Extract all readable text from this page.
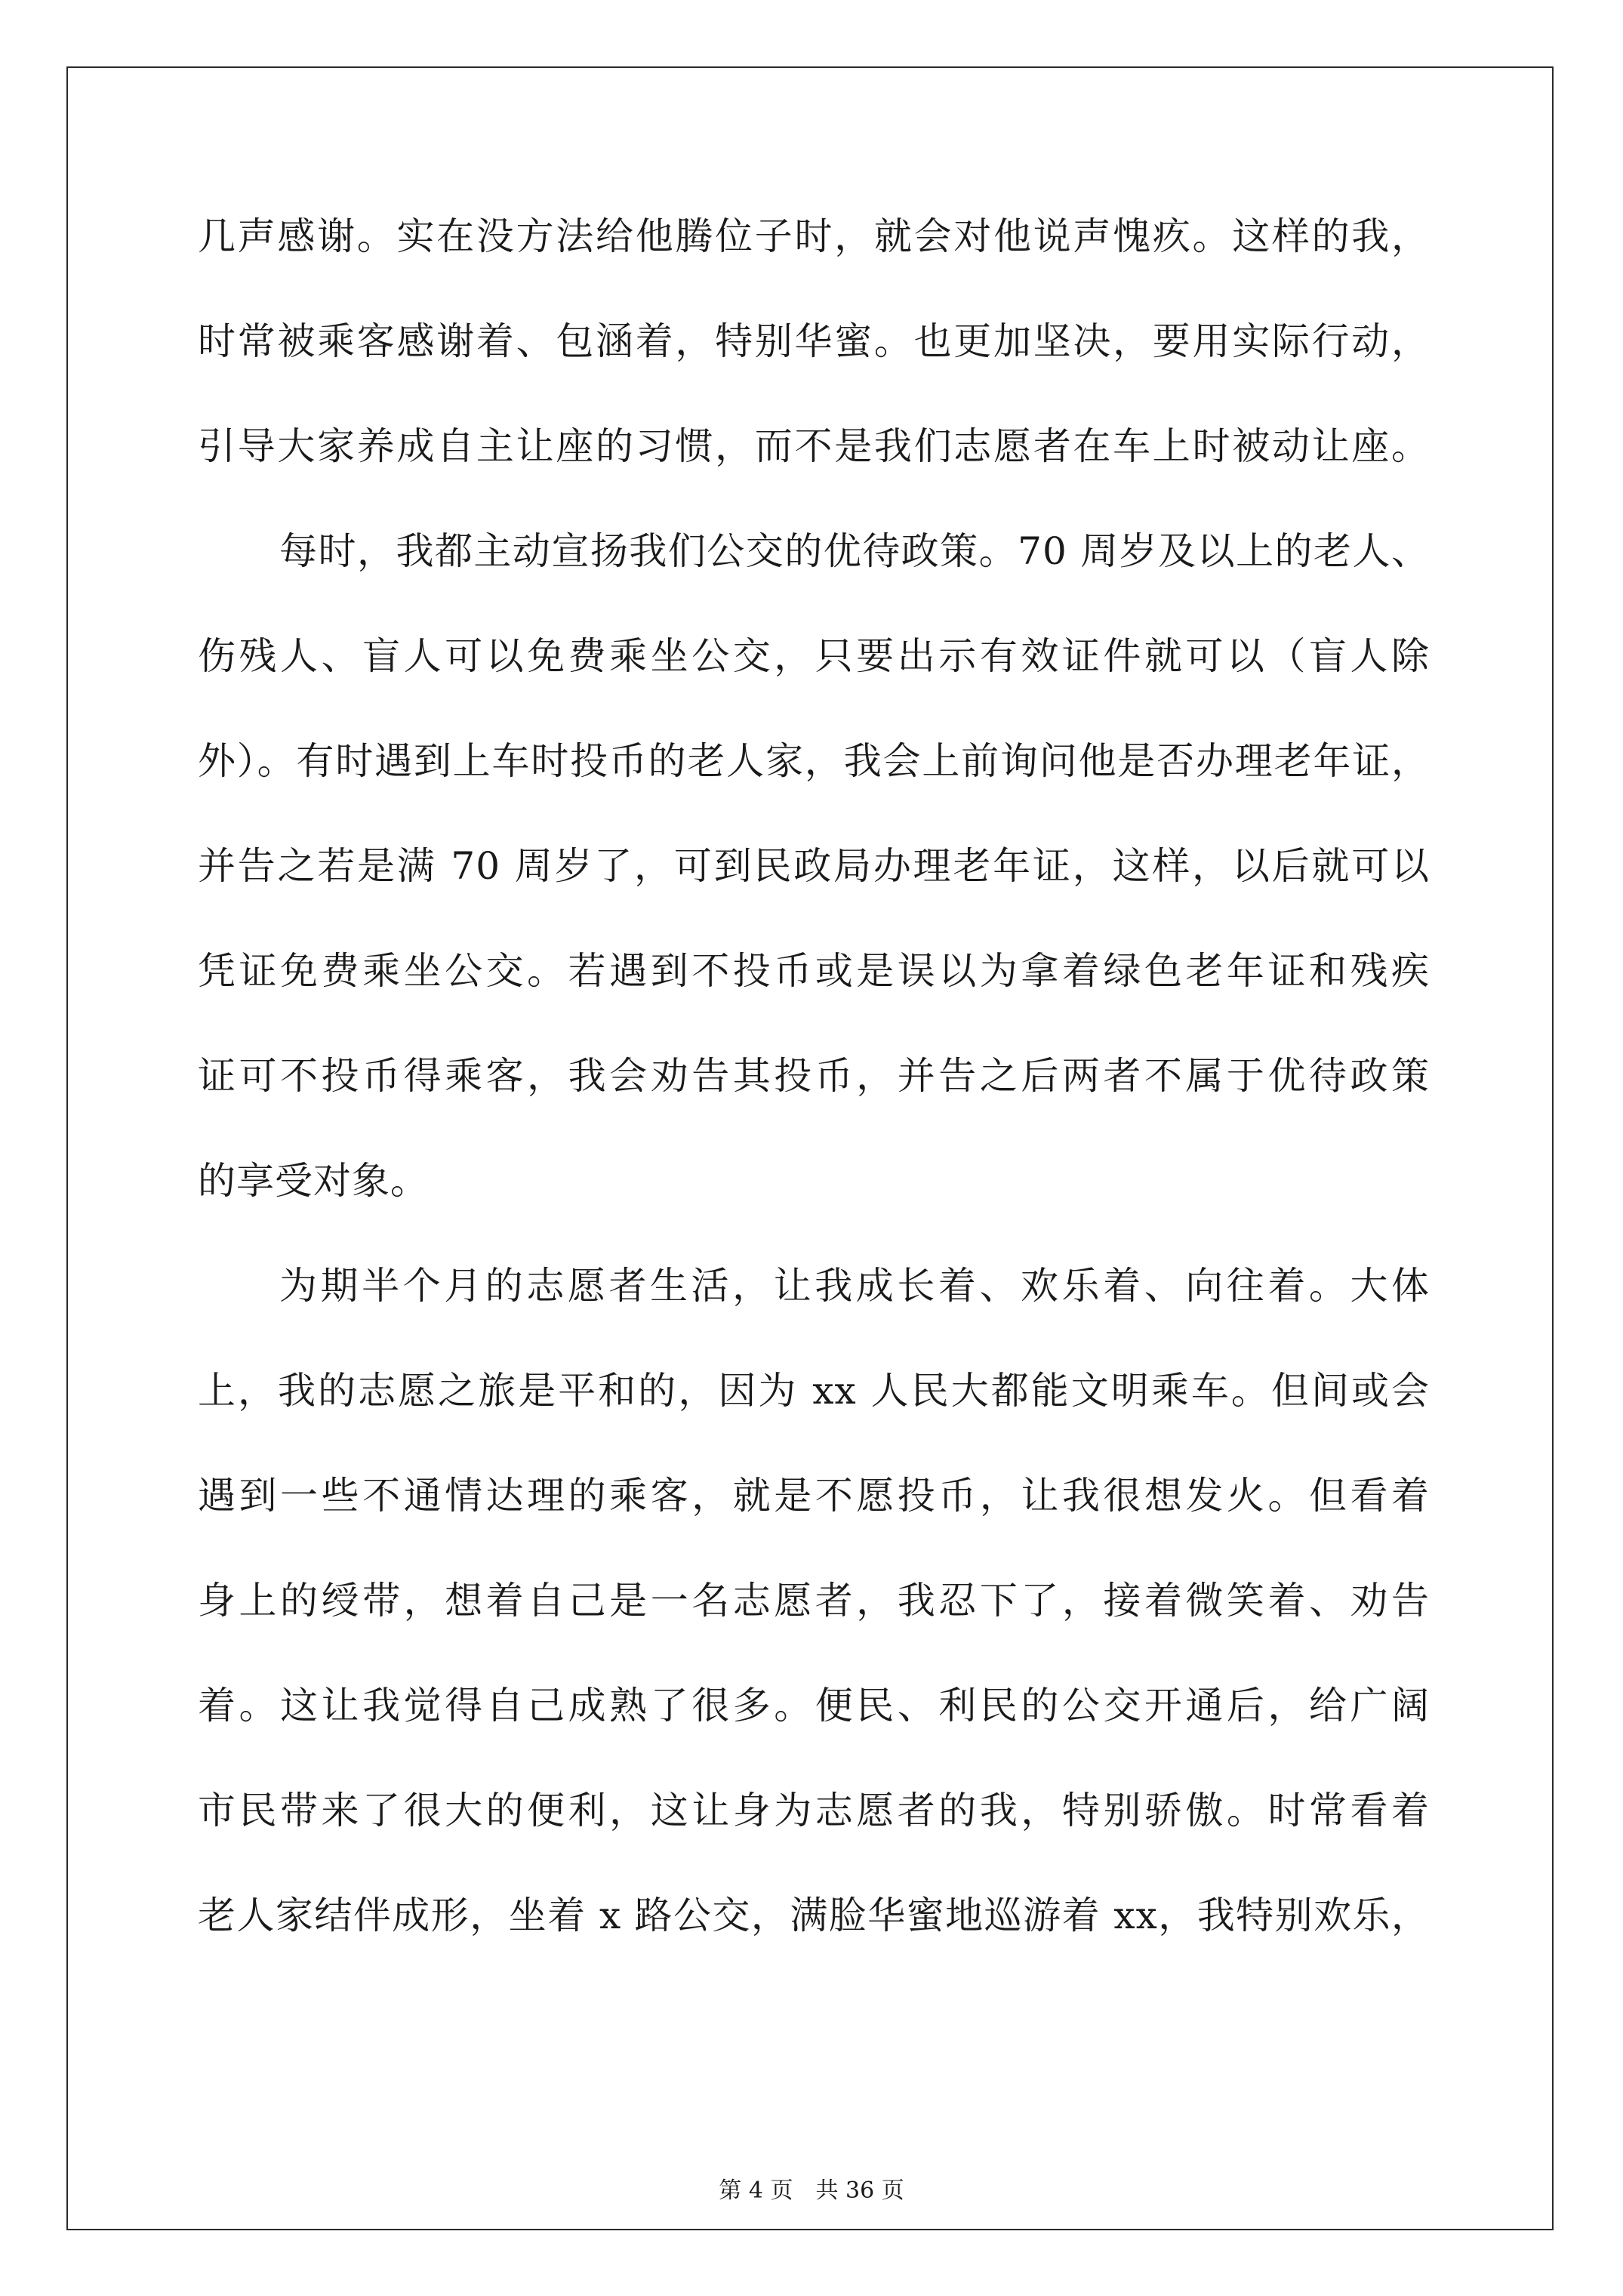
几声感谢。实在没方法给他腾位子时，就会对他说声愧疚。这样的我，
时常被乘客感谢着、包涵着，特别华蜜。也更加坚决，要用实际行动，
引导大家养成自主让座的习惯，而不是我们志愿者在车上时被动让座。
每时，我都主动宣扬我们公交的优待政策。70 周岁及以上的老人、
伤残人、盲人可以免费乘坐公交，只要出示有效证件就可以（盲人除
外）。有时遇到上车时投币的老人家，我会上前询问他是否办理老年证，
并告之若是满 70 周岁了，可到民政局办理老年证，这样，以后就可以
凭证免费乘坐公交。若遇到不投币或是误以为拿着绿色老年证和残疾
证可不投币得乘客，我会劝告其投币，并告之后两者不属于优待政策
的享受对象。
为期半个月的志愿者生活，让我成长着、欢乐着、向往着。大体
上，我的志愿之旅是平和的，因为 xx 人民大都能文明乘车。但间或会
遇到一些不通情达理的乘客，就是不愿投币，让我很想发火。但看着
身上的绶带，想着自己是一名志愿者，我忍下了，接着微笑着、劝告
着。这让我觉得自己成熟了很多。便民、利民的公交开通后，给广阔
市民带来了很大的便利，这让身为志愿者的我，特别骄傲。时常看着
老人家结伴成形，坐着 x 路公交，满脸华蜜地巡游着 xx，我特别欢乐，
第 4 页 共 36 页
